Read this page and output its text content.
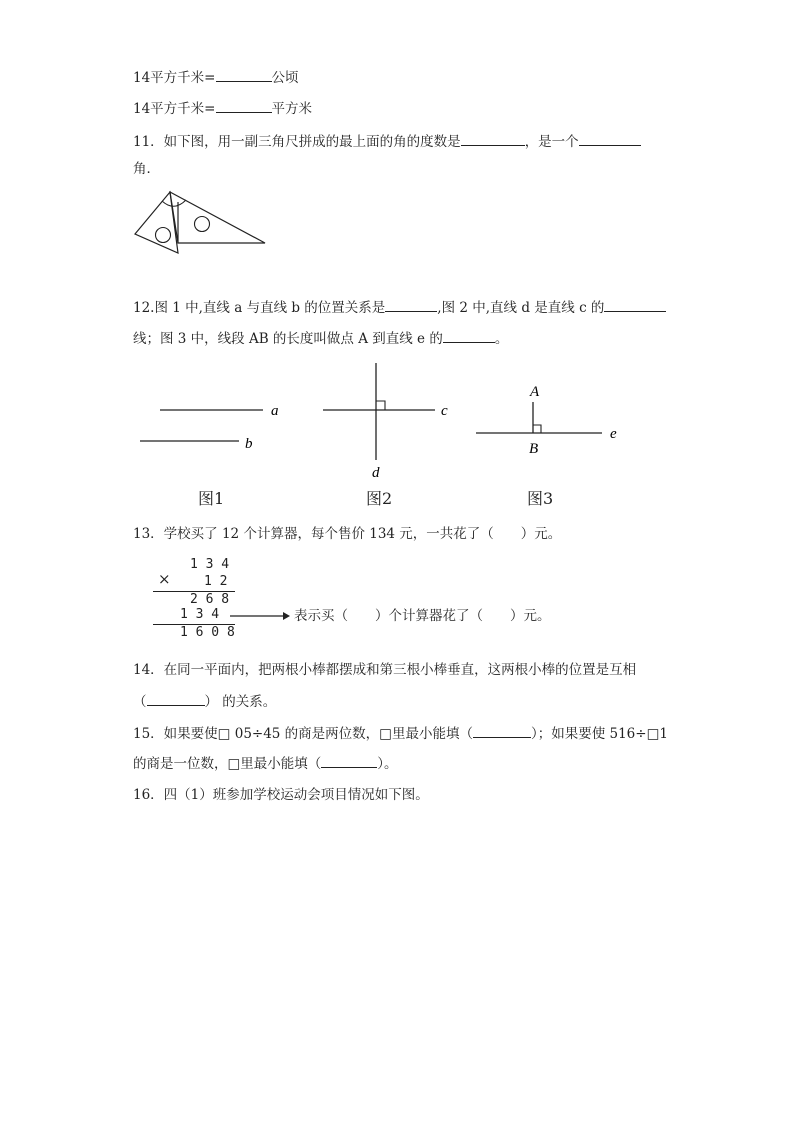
14平方千米=	公顷
14平方千米=	平方米
11．如下图，用一副三角尺拼成的最上面的角的度数是	，是一个
角．
12.图 1 中,直线 a 与直线 b 的位置关系是	,图 2 中,直线 d 是直线 c 的
线；图 3 中，线段 AB 的长度叫做点 A 到直线 e 的	。
a
b
图1
c
d
图2
A
B
e
图3
13．学校买了 12 个计算器，每个售价 134 元，一共花了（　　）元。
1 3 4
×	1 2
2 6 8
1 3 4
1 6 0 8
表示买（　　）个计算器花了（　　）元。
14．在同一平面内，把两根小棒都摆成和第三根小棒垂直，这两根小棒的位置是互相
（	） 的关系。
15．如果要使□ 05÷45 的商是两位数，□里最小能填（	）；如果要使 516÷□1
的商是一位数，□里最小能填（	）。
16．四（1）班参加学校运动会项目情况如下图。
